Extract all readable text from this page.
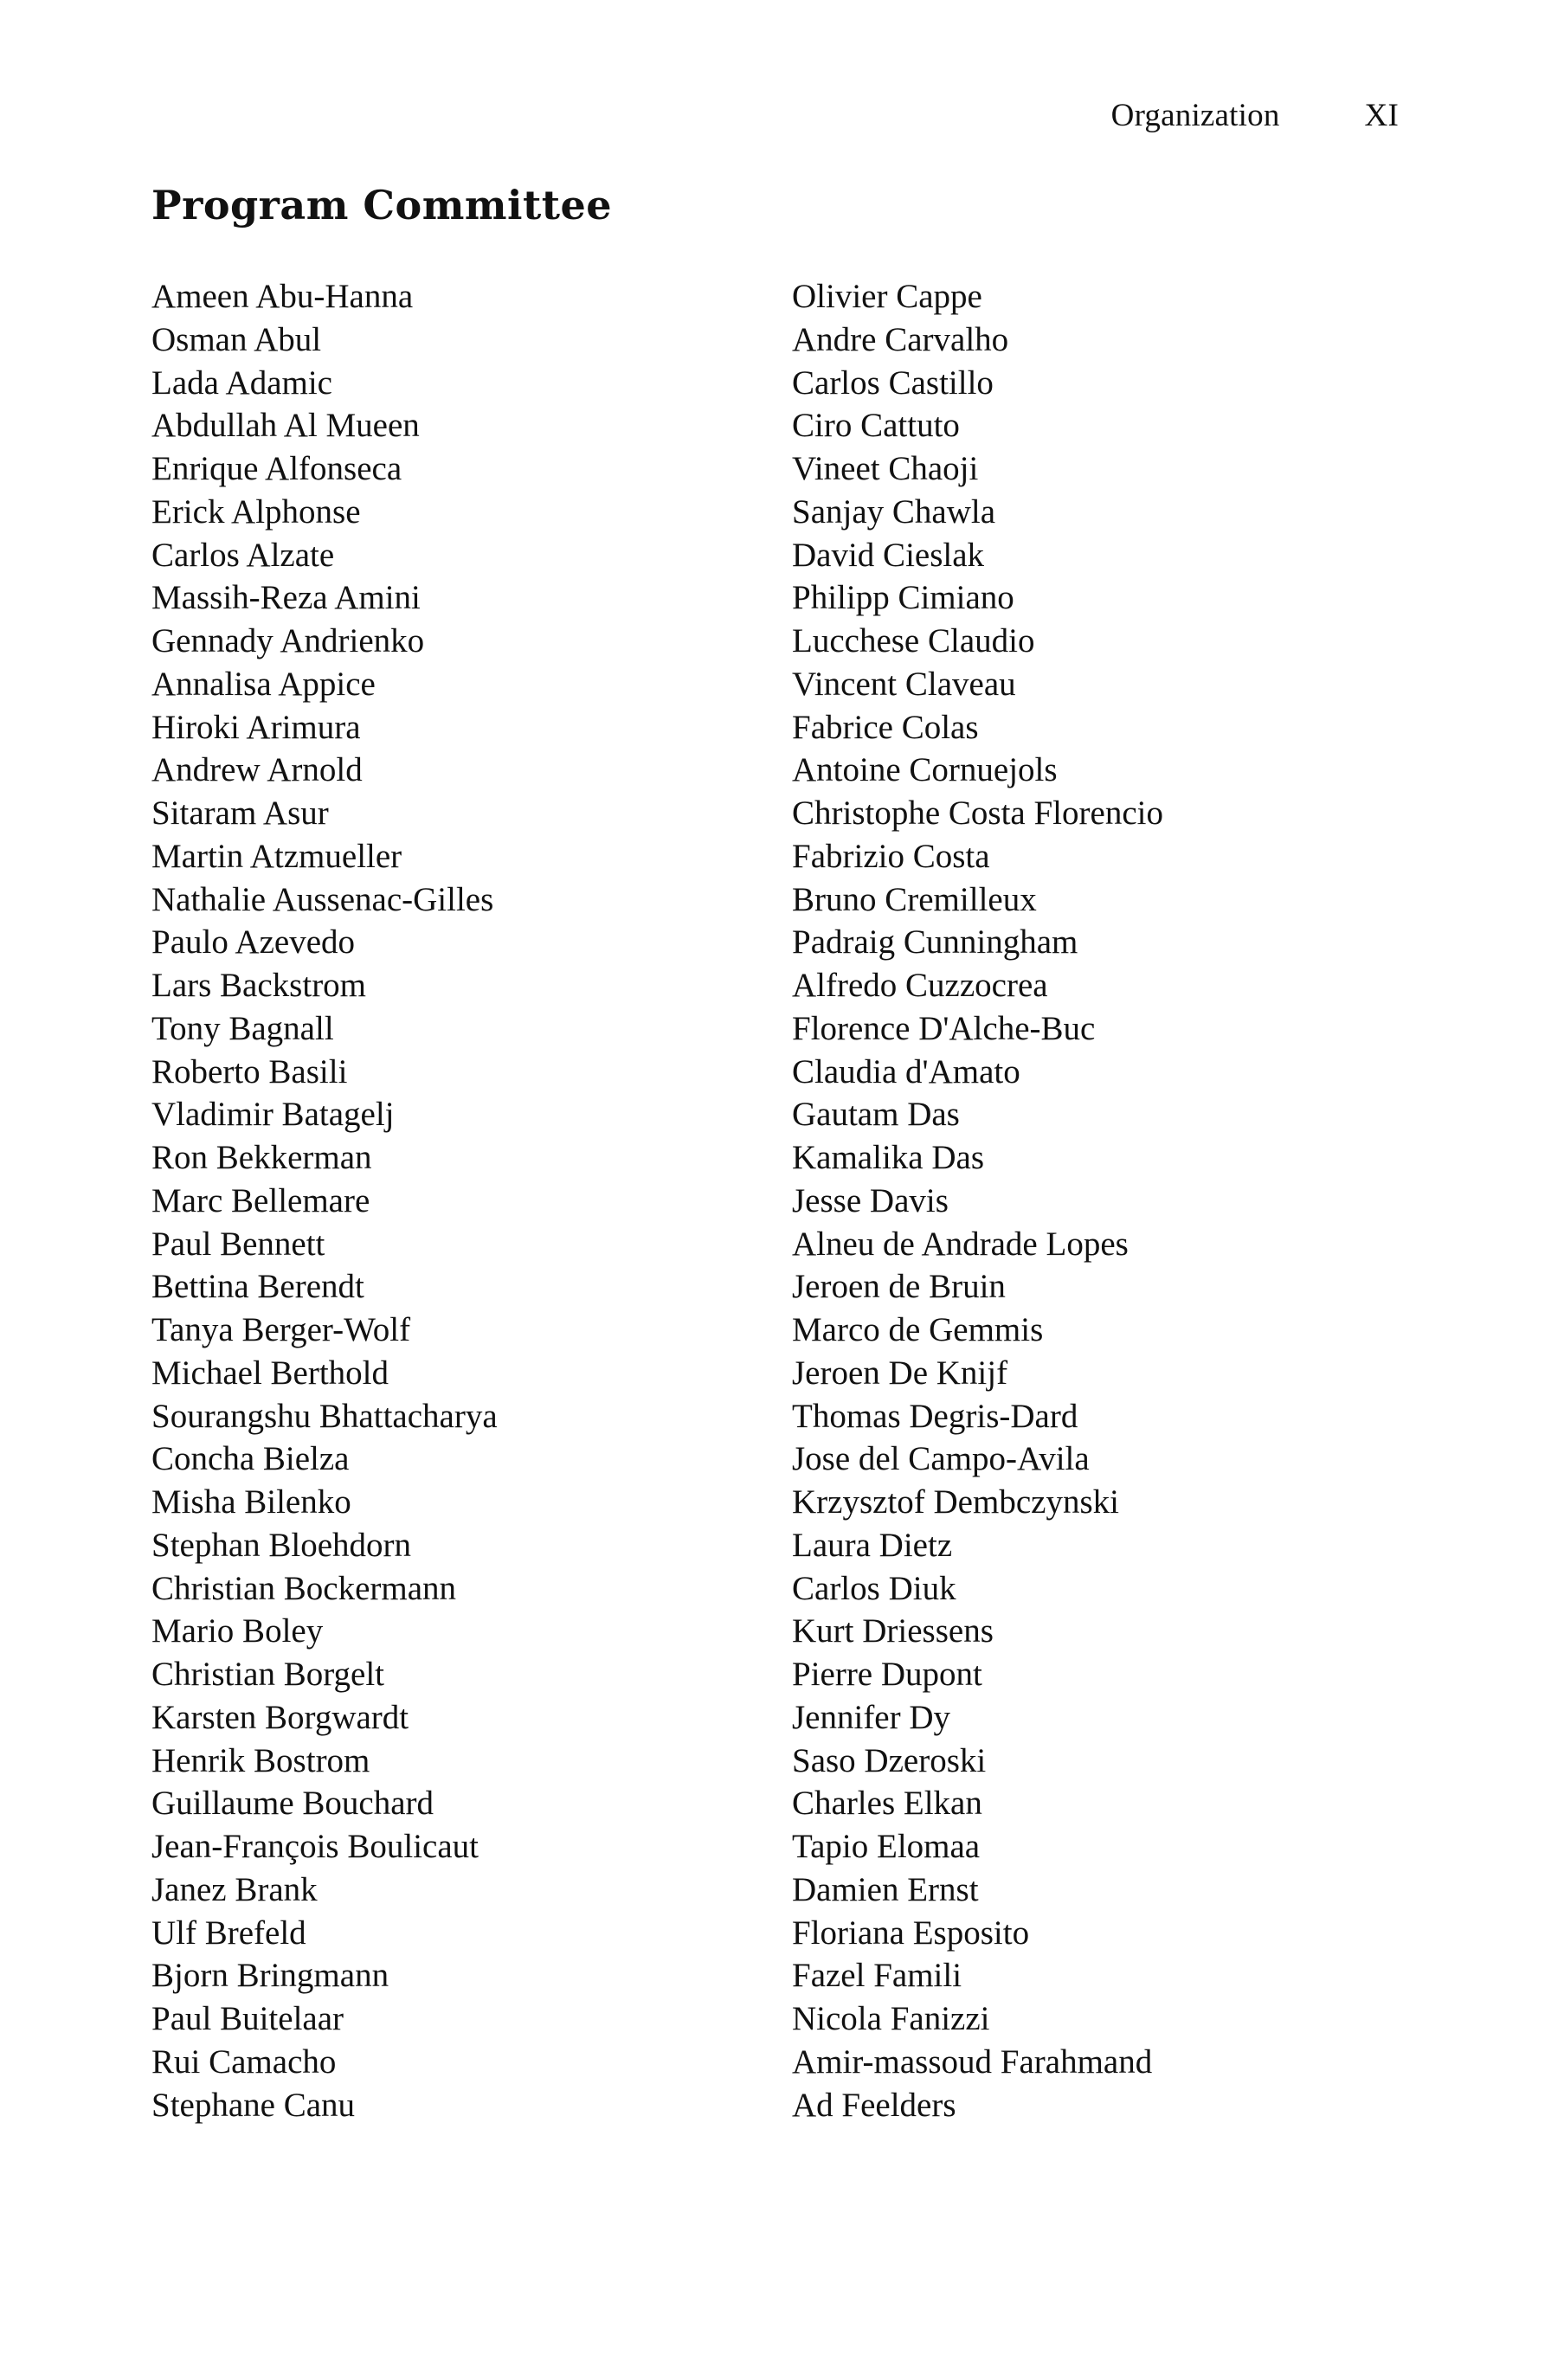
Organization	XI
Program Committee
Ameen Abu-Hanna
Osman Abul
Lada Adamic
Abdullah Al Mueen
Enrique Alfonseca
Erick Alphonse
Carlos Alzate
Massih-Reza Amini
Gennady Andrienko
Annalisa Appice
Hiroki Arimura
Andrew Arnold
Sitaram Asur
Martin Atzmueller
Nathalie Aussenac-Gilles
Paulo Azevedo
Lars Backstrom
Tony Bagnall
Roberto Basili
Vladimir Batagelj
Ron Bekkerman
Marc Bellemare
Paul Bennett
Bettina Berendt
Tanya Berger-Wolf
Michael Berthold
Sourangshu Bhattacharya
Concha Bielza
Misha Bilenko
Stephan Bloehdorn
Christian Bockermann
Mario Boley
Christian Borgelt
Karsten Borgwardt
Henrik Bostrom
Guillaume Bouchard
Jean-François Boulicaut
Janez Brank
Ulf Brefeld
Bjorn Bringmann
Paul Buitelaar
Rui Camacho
Stephane Canu
Olivier Cappe
Andre Carvalho
Carlos Castillo
Ciro Cattuto
Vineet Chaoji
Sanjay Chawla
David Cieslak
Philipp Cimiano
Lucchese Claudio
Vincent Claveau
Fabrice Colas
Antoine Cornuejols
Christophe Costa Florencio
Fabrizio Costa
Bruno Cremilleux
Padraig Cunningham
Alfredo Cuzzocrea
Florence D'Alche-Buc
Claudia d'Amato
Gautam Das
Kamalika Das
Jesse Davis
Alneu de Andrade Lopes
Jeroen de Bruin
Marco de Gemmis
Jeroen De Knijf
Thomas Degris-Dard
Jose del Campo-Avila
Krzysztof Dembczynski
Laura Dietz
Carlos Diuk
Kurt Driessens
Pierre Dupont
Jennifer Dy
Saso Dzeroski
Charles Elkan
Tapio Elomaa
Damien Ernst
Floriana Esposito
Fazel Famili
Nicola Fanizzi
Amir-massoud Farahmand
Ad Feelders
